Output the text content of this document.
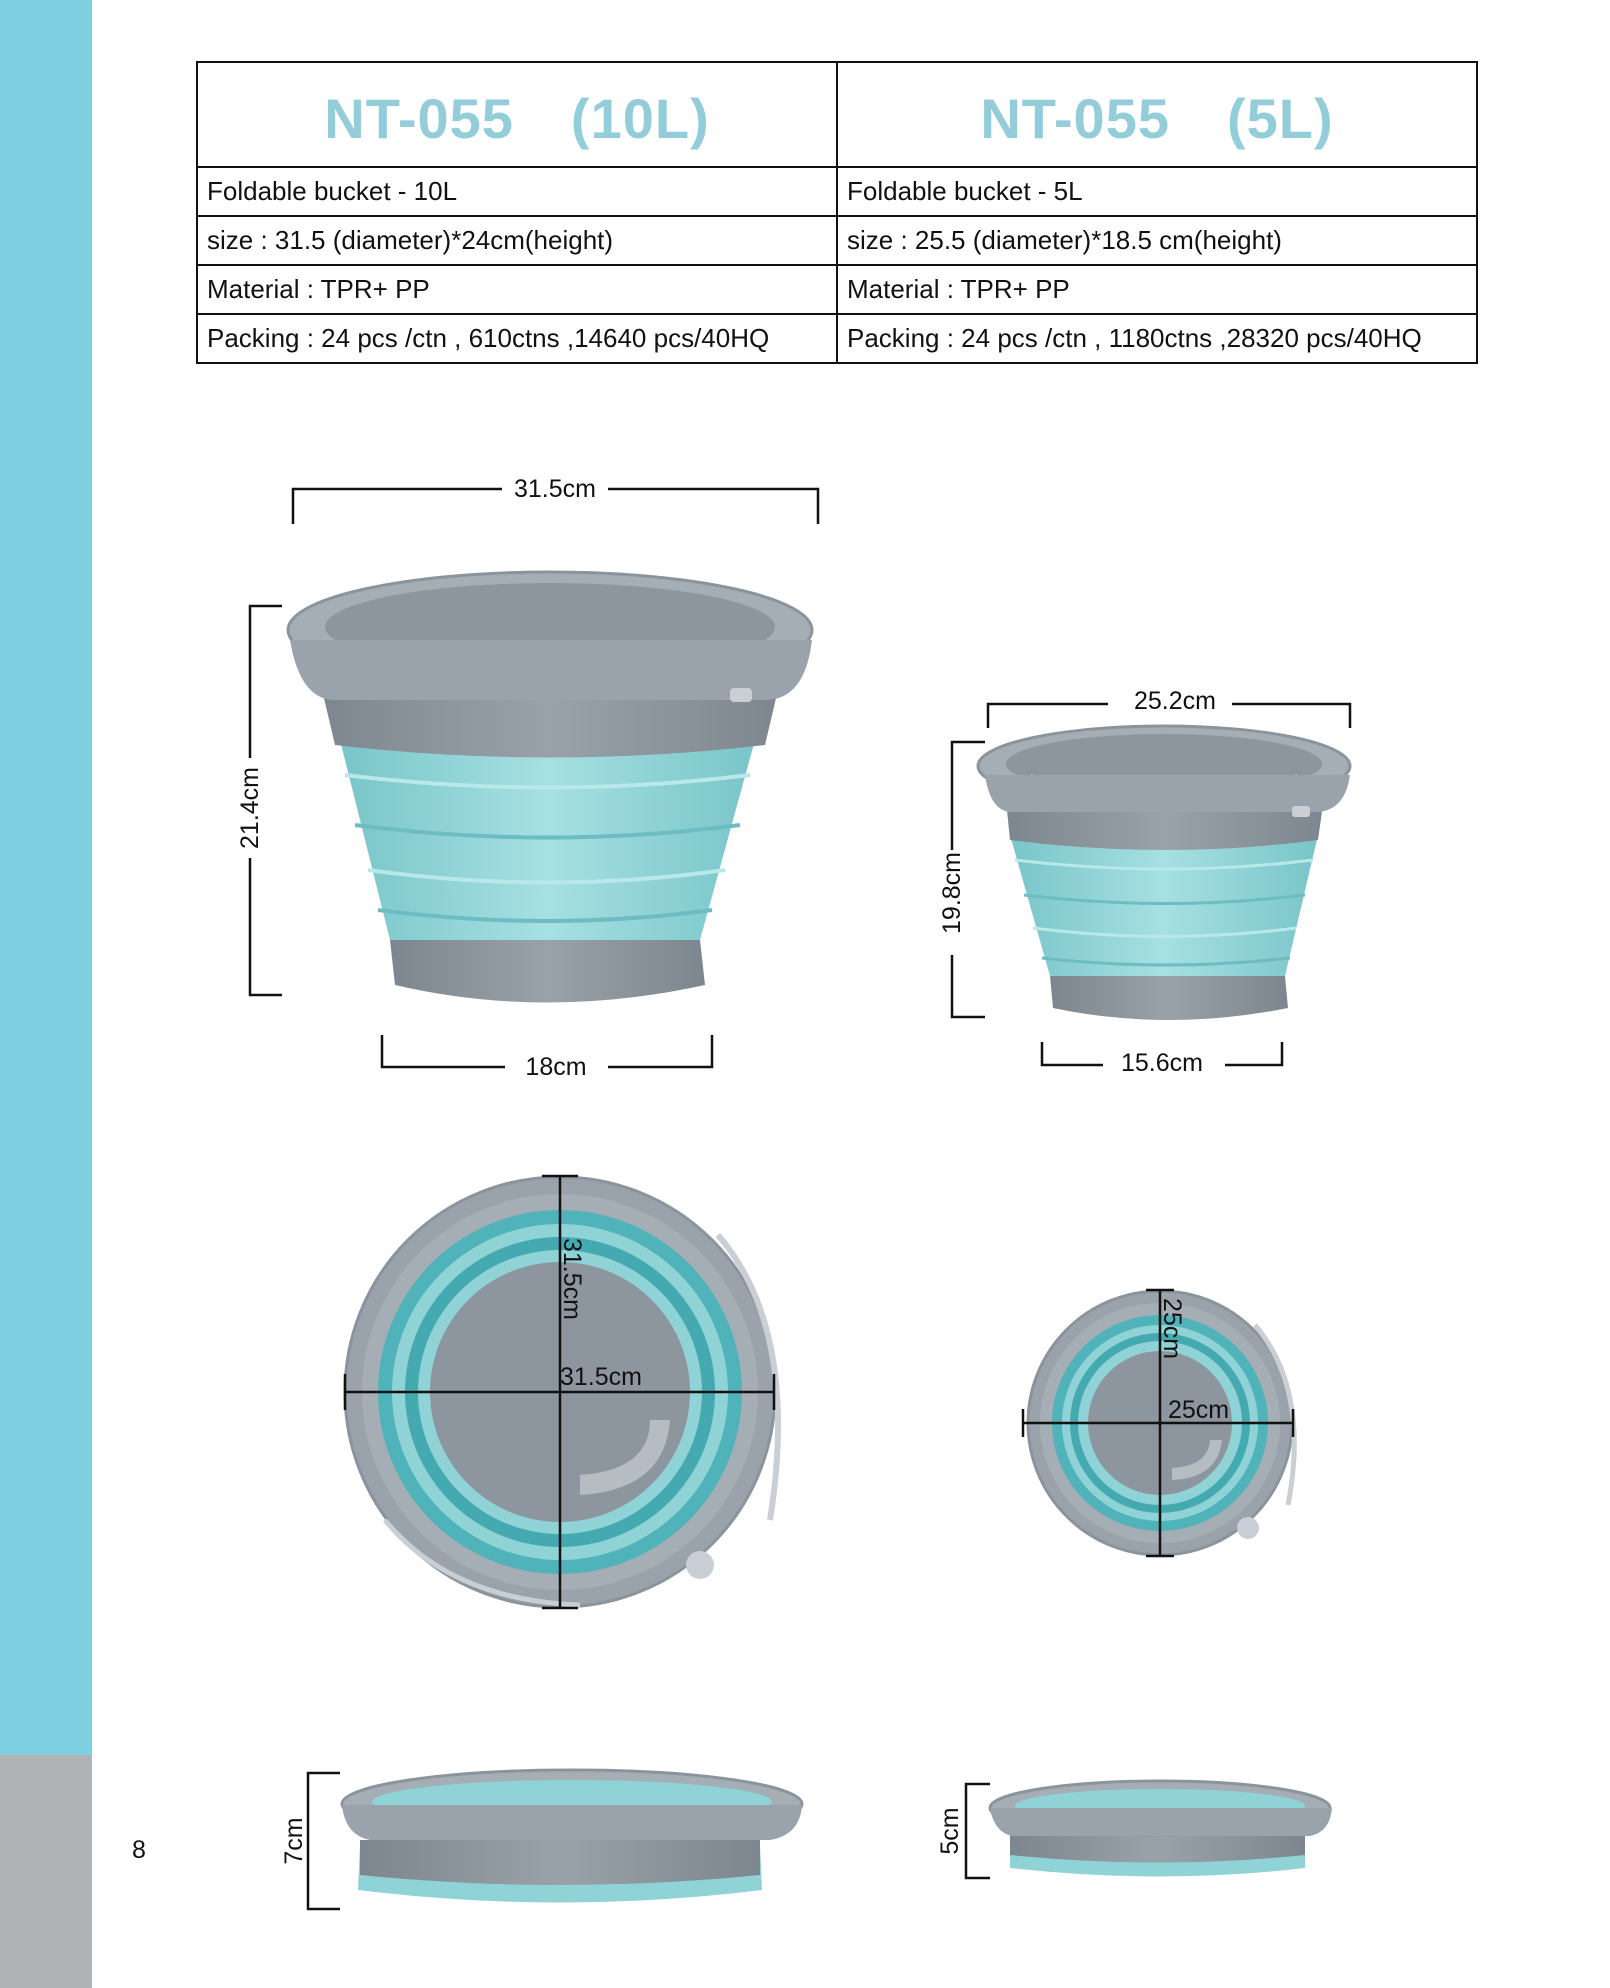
8
NT-055　(10L)	NT-055　(5L)
Foldable bucket - 10L	Foldable bucket - 5L
size : 31.5 (diameter)*24cm(height)	size : 25.5 (diameter)*18.5 cm(height)
Material : TPR+ PP	Material : TPR+ PP
Packing : 24 pcs /ctn , 610ctns ,14640 pcs/40HQ	Packing : 24 pcs /ctn , 1180ctns ,28320 pcs/40HQ
31.5cm
21.4cm
18cm
25.2cm
19.8cm
15.6cm
31.5cm
31.5cm
25cm
25cm
7cm	5cm
